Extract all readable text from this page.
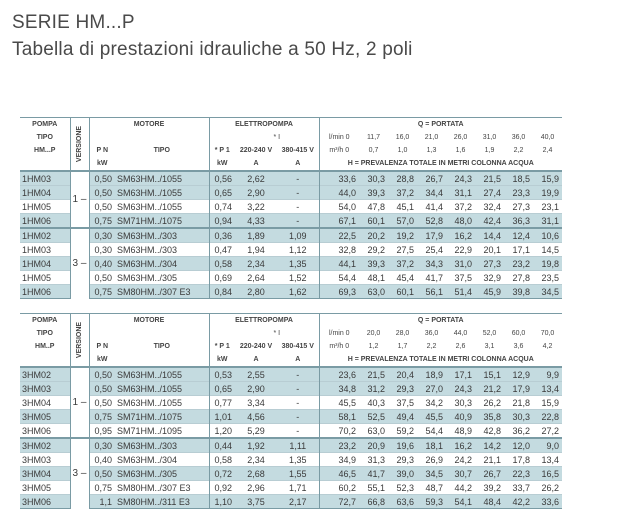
SERIE HM...P
Tabella di prestazioni idrauliche a 50 Hz, 2 poli
POMPA	VERSIONE	MOTORE		ELETTROPOMPA			Q = PORTATA							
TIPO					* I		l/min 0	11,7	16,0	21,0	26,0	31,0	36,0	40,0
HM...P		P N	TIPO	* P 1	220-240 V	380-415 V	m³/h 0	0,7	1,0	1,3	1,6	1,9	2,2	2,4
		kW		kW	A	A	H = PREVALENZA TOTALE IN METRI COLONNA ACQUA							
1HM03	1 –	0,50	SM63HM../1055	0,56	2,62	-	33,6	30,3	28,8	26,7	24,3	21,5	18,5	15,9
1HM04		0,50	SM63HM../1055	0,65	2,90	-	44,0	39,3	37,2	34,4	31,1	27,4	23,3	19,9
1HM05		0,50	SM63HM../1055	0,74	3,22	-	54,0	47,8	45,1	41,4	37,2	32,4	27,3	23,1
1HM06		0,75	SM71HM../1075	0,94	4,33	-	67,1	60,1	57,0	52,8	48,0	42,4	36,3	31,1
1HM02	3 –	0,30	SM63HM../303	0,36	1,89	1,09	22,5	20,2	19,2	17,9	16,2	14,4	12,4	10,6
1HM03		0,30	SM63HM../303	0,47	1,94	1,12	32,8	29,2	27,5	25,4	22,9	20,1	17,1	14,5
1HM04		0,40	SM63HM../304	0,58	2,34	1,35	44,1	39,3	37,2	34,3	31,0	27,3	23,2	19,8
1HM05		0,50	SM63HM../305	0,69	2,64	1,52	54,4	48,1	45,4	41,7	37,5	32,9	27,8	23,5
1HM06		0,75	SM80HM../307 E3	0,84	2,80	1,62	69,3	63,0	60,1	56,1	51,4	45,9	39,8	34,5
POMPA	VERSIONE	MOTORE		ELETTROPOMPA			Q = PORTATA							
TIPO					* I		l/min 0	20,0	28,0	36,0	44,0	52,0	60,0	70,0
HM..P		P N	TIPO	* P 1	220-240 V	380-415 V	m³/h 0	1,2	1,7	2,2	2,6	3,1	3,6	4,2
		kW		kW	A	A	H = PREVALENZA TOTALE IN METRI COLONNA ACQUA							
3HM02	1 –	0,50	SM63HM../1055	0,53	2,55	-	23,6	21,5	20,4	18,9	17,1	15,1	12,9	9,9
3HM03		0,50	SM63HM../1055	0,65	2,90	-	34,8	31,2	29,3	27,0	24,3	21,2	17,9	13,4
3HM04		0,50	SM63HM../1055	0,77	3,34	-	45,5	40,3	37,5	34,2	30,3	26,2	21,8	15,9
3HM05		0,75	SM71HM../1075	1,01	4,56	-	58,1	52,5	49,4	45,5	40,9	35,8	30,3	22,8
3HM06		0,95	SM71HM../1095	1,20	5,29	-	70,2	63,0	59,2	54,4	48,9	42,8	36,2	27,2
3HM02	3 –	0,30	SM63HM../303	0,44	1,92	1,11	23,2	20,9	19,6	18,1	16,2	14,2	12,0	9,0
3HM03		0,40	SM63HM../304	0,58	2,34	1,35	34,9	31,3	29,3	26,9	24,2	21,1	17,8	13,4
3HM04		0,50	SM63HM../305	0,72	2,68	1,55	46,5	41,7	39,0	34,5	30,7	26,7	22,3	16,5
3HM05		0,75	SM80HM../307 E3	0,92	2,96	1,71	60,2	55,1	52,3	48,7	44,2	39,2	33,7	26,2
3HM06		1,1	SM80HM../311 E3	1,10	3,75	2,17	72,7	66,8	63,6	59,3	54,1	48,4	42,2	33,6
